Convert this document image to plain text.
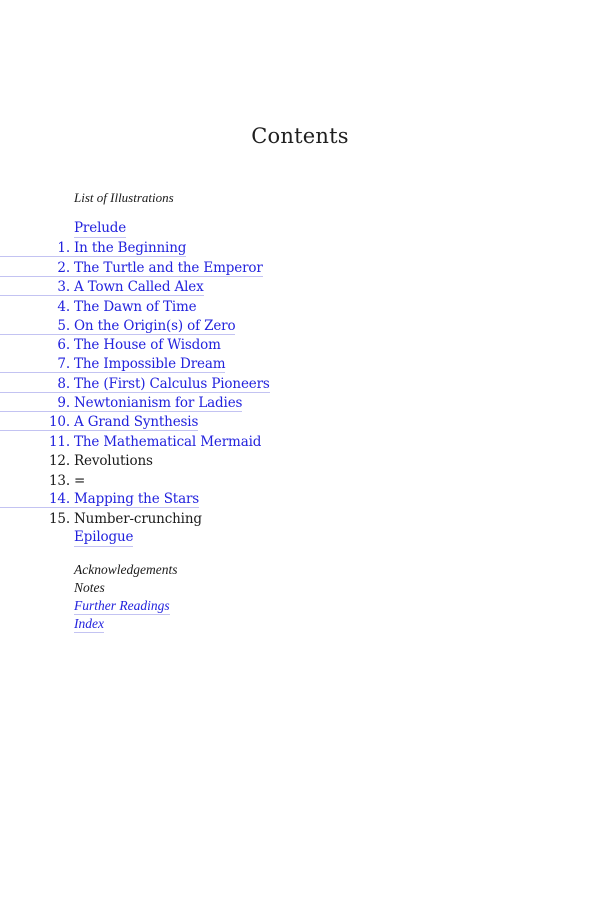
Contents
List of Illustrations
Prelude
1. In the Beginning
2. The Turtle and the Emperor
3. A Town Called Alex
4. The Dawn of Time
5. On the Origin(s) of Zero
6. The House of Wisdom
7. The Impossible Dream
8. The (First) Calculus Pioneers
9. Newtonianism for Ladies
10. A Grand Synthesis
11. The Mathematical Mermaid
12. Revolutions
13. =
14. Mapping the Stars
15. Number-crunching
Epilogue
Acknowledgements
Notes
Further Readings
Index
